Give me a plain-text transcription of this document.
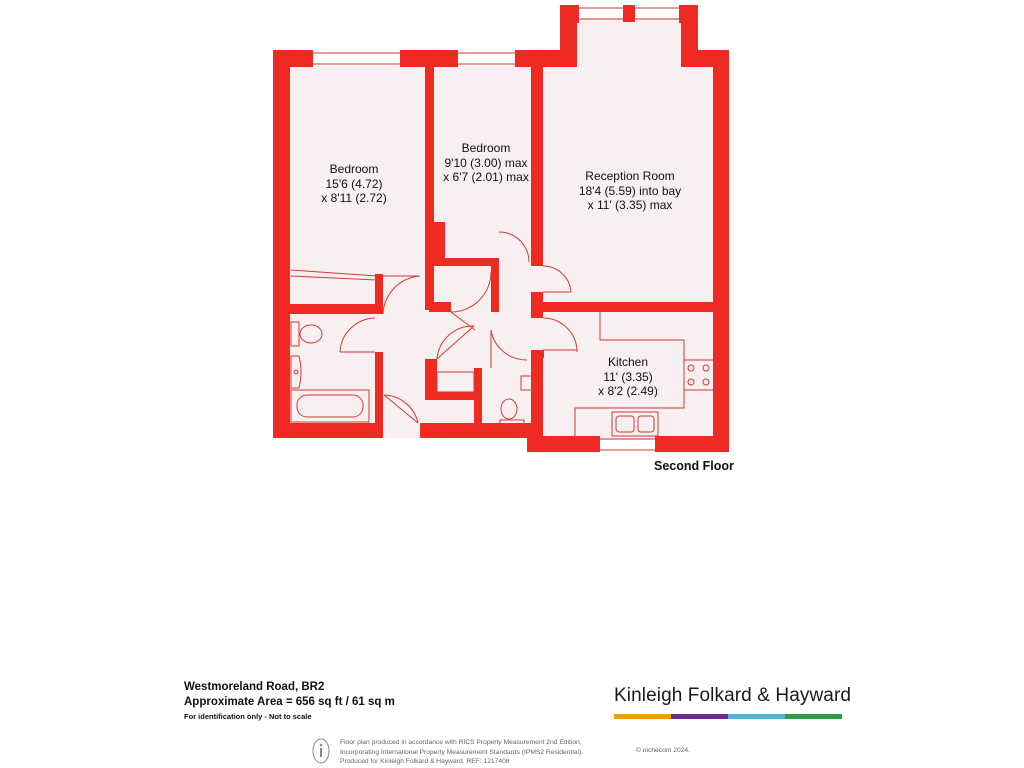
Bedroom
15'6 (4.72)
x 8'11 (2.72)
Bedroom
9'10 (3.00) max
x 6'7 (2.01) max	Reception Room
18'4 (5.59) into bay
x 11' (3.35) max
Kitchen
11' (3.35)
x 8'2 (2.49)
Second Floor
Westmoreland Road, BR2
Approximate Area = 656 sq ft / 61 sq m
For identification only - Not to scale
Kinleigh Folkard & Hayward
Floor plan produced in accordance with RICS Property Measurement 2nd Edition,
Incorporating International Property Measurement Standards (IPMS2 Residential).
Produced for Kinleigh Folkard & Hayward. REF: 1217408
© nichecom 2024.
